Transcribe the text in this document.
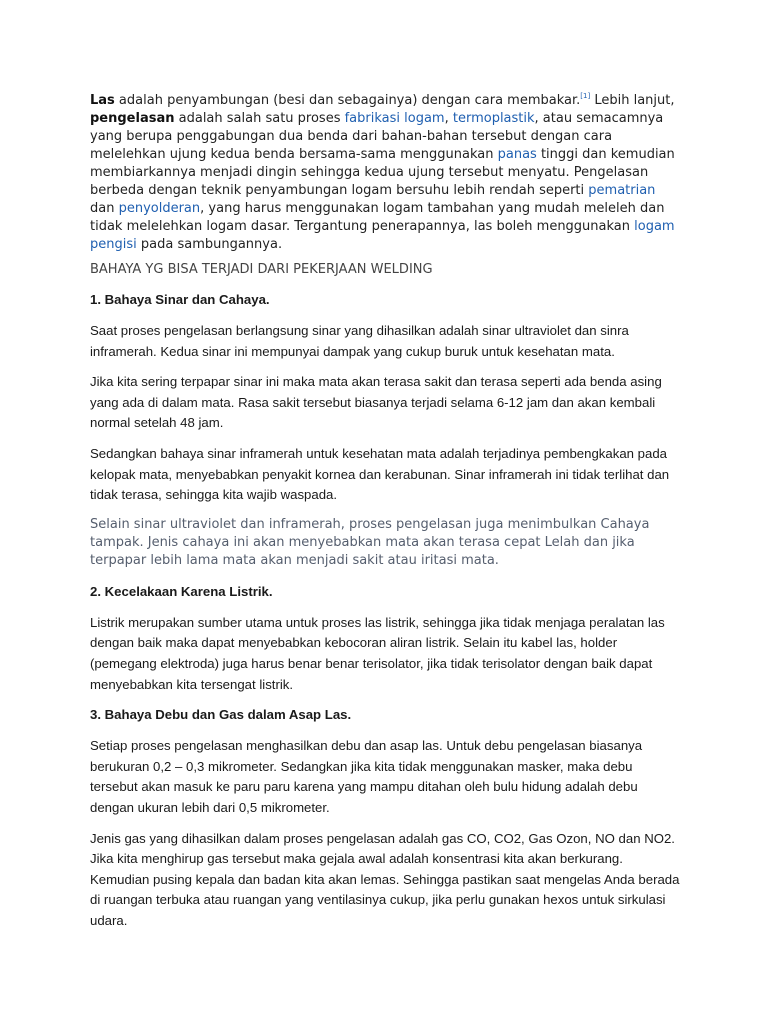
Las adalah penyambungan (besi dan sebagainya) dengan cara membakar.[1] Lebih lanjut, pengelasan adalah salah satu proses fabrikasi logam, termoplastik, atau semacamnya yang berupa penggabungan dua benda dari bahan-bahan tersebut dengan cara melelehkan ujung kedua benda bersama-sama menggunakan panas tinggi dan kemudian membiarkannya menjadi dingin sehingga kedua ujung tersebut menyatu. Pengelasan berbeda dengan teknik penyambungan logam bersuhu lebih rendah seperti pematrian dan penyolderan, yang harus menggunakan logam tambahan yang mudah meleleh dan tidak melelehkan logam dasar. Tergantung penerapannya, las boleh menggunakan logam pengisi pada sambungannya.

BAHAYA YG BISA TERJADI DARI PEKERJAAN WELDING

1. Bahaya Sinar dan Cahaya.

Saat proses pengelasan berlangsung sinar yang dihasilkan adalah sinar ultraviolet dan sinra inframerah. Kedua sinar ini mempunyai dampak yang cukup buruk untuk kesehatan mata.

Jika kita sering terpapar sinar ini maka mata akan terasa sakit dan terasa seperti ada benda asing yang ada di dalam mata. Rasa sakit tersebut biasanya terjadi selama 6-12 jam dan akan kembali normal setelah 48 jam.

Sedangkan bahaya sinar inframerah untuk kesehatan mata adalah terjadinya pembengkakan pada kelopak mata, menyebabkan penyakit kornea dan kerabunan. Sinar inframerah ini tidak terlihat dan tidak terasa, sehingga kita wajib waspada.

Selain sinar ultraviolet dan inframerah, proses pengelasan juga menimbulkan Cahaya tampak. Jenis cahaya ini akan menyebabkan mata akan terasa cepat Lelah dan jika terpapar lebih lama mata akan menjadi sakit atau iritasi mata.

2. Kecelakaan Karena Listrik.

Listrik merupakan sumber utama untuk proses las listrik, sehingga jika tidak menjaga peralatan las dengan baik maka dapat menyebabkan kebocoran aliran listrik. Selain itu kabel las, holder (pemegang elektroda) juga harus benar benar terisolator, jika tidak terisolator dengan baik dapat menyebabkan kita tersengat listrik.

3. Bahaya Debu dan Gas dalam Asap Las.

Setiap proses pengelasan menghasilkan debu dan asap las. Untuk debu pengelasan biasanya berukuran 0,2 – 0,3 mikrometer. Sedangkan jika kita tidak menggunakan masker, maka debu tersebut akan masuk ke paru paru karena yang mampu ditahan oleh bulu hidung adalah debu dengan ukuran lebih dari 0,5 mikrometer.

Jenis gas yang dihasilkan dalam proses pengelasan adalah gas CO, CO2, Gas Ozon, NO dan NO2. Jika kita menghirup gas tersebut maka gejala awal adalah konsentrasi kita akan berkurang. Kemudian pusing kepala dan badan kita akan lemas. Sehingga pastikan saat mengelas Anda berada di ruangan terbuka atau ruangan yang ventilasinya cukup, jika perlu gunakan hexos untuk sirkulasi udara.
